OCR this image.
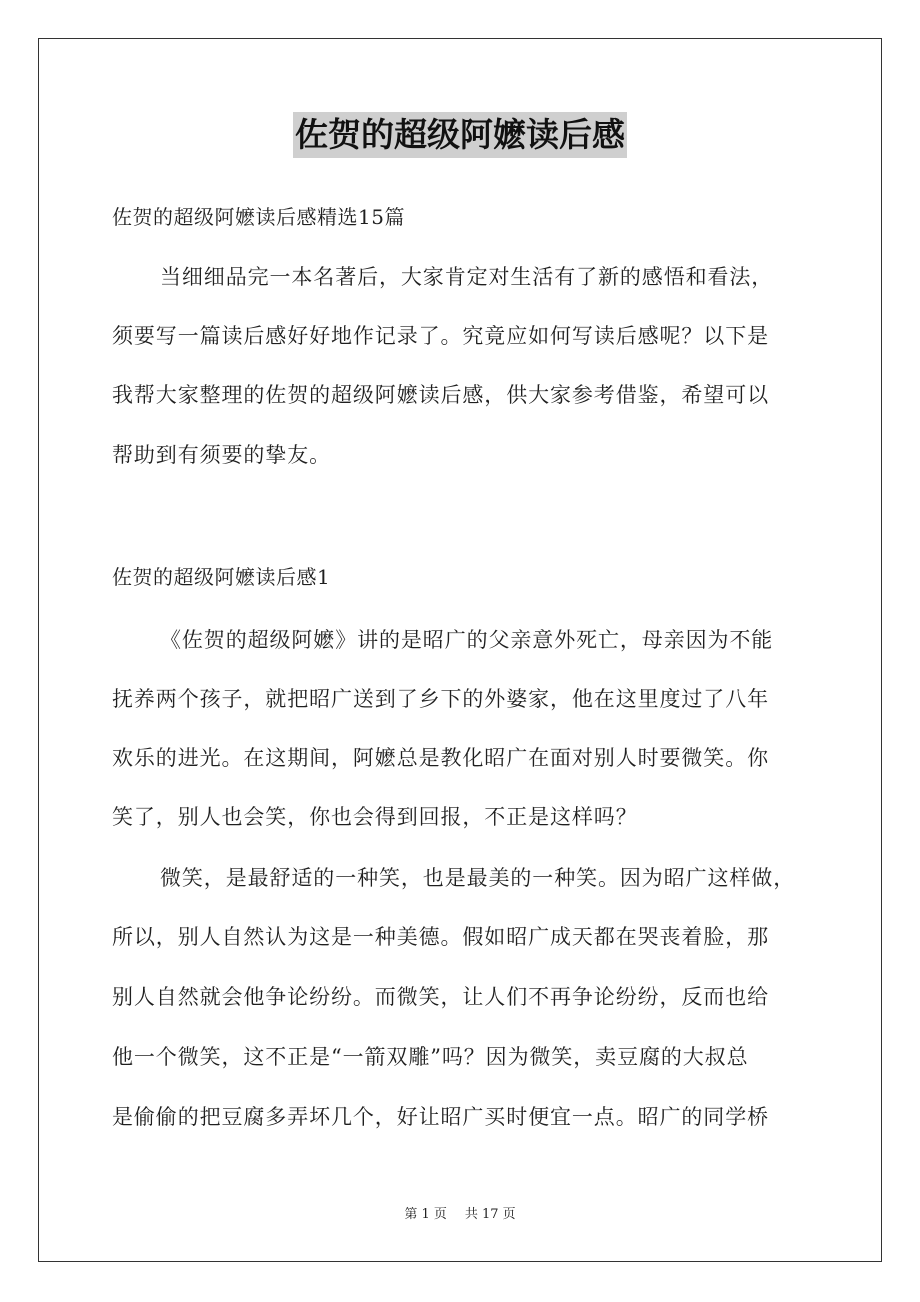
佐贺的超级阿嬷读后感
佐贺的超级阿嬷读后感精选15篇
当细细品完一本名著后，大家肯定对生活有了新的感悟和看法，
须要写一篇读后感好好地作记录了。究竟应如何写读后感呢？以下是
我帮大家整理的佐贺的超级阿嬷读后感，供大家参考借鉴，希望可以
帮助到有须要的挚友。
佐贺的超级阿嬷读后感1
《佐贺的超级阿嬷》讲的是昭广的父亲意外死亡，母亲因为不能
抚养两个孩子，就把昭广送到了乡下的外婆家，他在这里度过了八年
欢乐的进光。在这期间，阿嬷总是教化昭广在面对别人时要微笑。你
笑了，别人也会笑，你也会得到回报，不正是这样吗？
微笑，是最舒适的一种笑，也是最美的一种笑。因为昭广这样做，
所以，别人自然认为这是一种美德。假如昭广成天都在哭丧着脸，那
别人自然就会他争论纷纷。而微笑，让人们不再争论纷纷，反而也给
他一个微笑，这不正是“一箭双雕”吗？因为微笑，卖豆腐的大叔总
是偷偷的把豆腐多弄坏几个，好让昭广买时便宜一点。昭广的同学桥
第 1 页 共 17 页
